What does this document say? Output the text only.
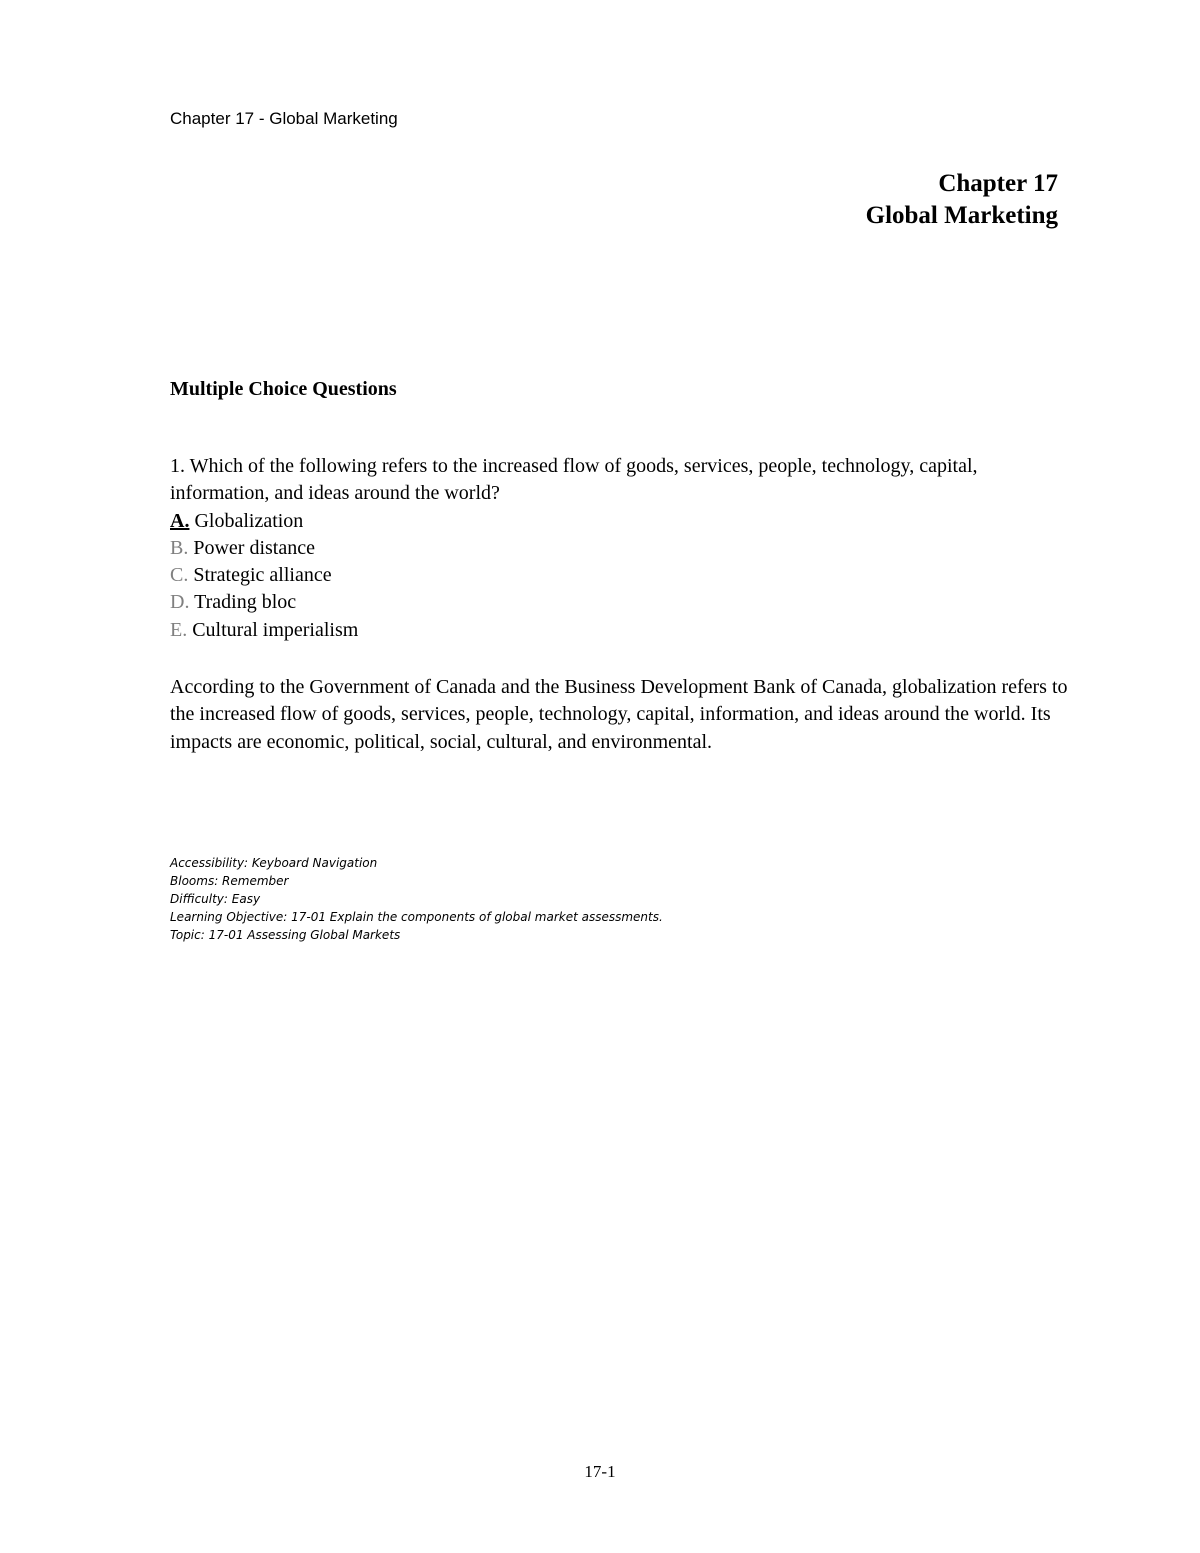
Chapter 17 - Global Marketing
Chapter 17
Global Marketing
Multiple Choice Questions

1. Which of the following refers to the increased flow of goods, services, people, technology, capital, information, and ideas around the world?

A. Globalization
B. Power distance
C. Strategic alliance
D. Trading bloc
E. Cultural imperialism

According to the Government of Canada and the Business Development Bank of Canada, globalization refers to the increased flow of goods, services, people, technology, capital, information, and ideas around the world. Its impacts are economic, political, social, cultural, and environmental.

Accessibility: Keyboard Navigation
Blooms: Remember
Difficulty: Easy
Learning Objective: 17-01 Explain the components of global market assessments.
Topic: 17-01 Assessing Global Markets
17-1
